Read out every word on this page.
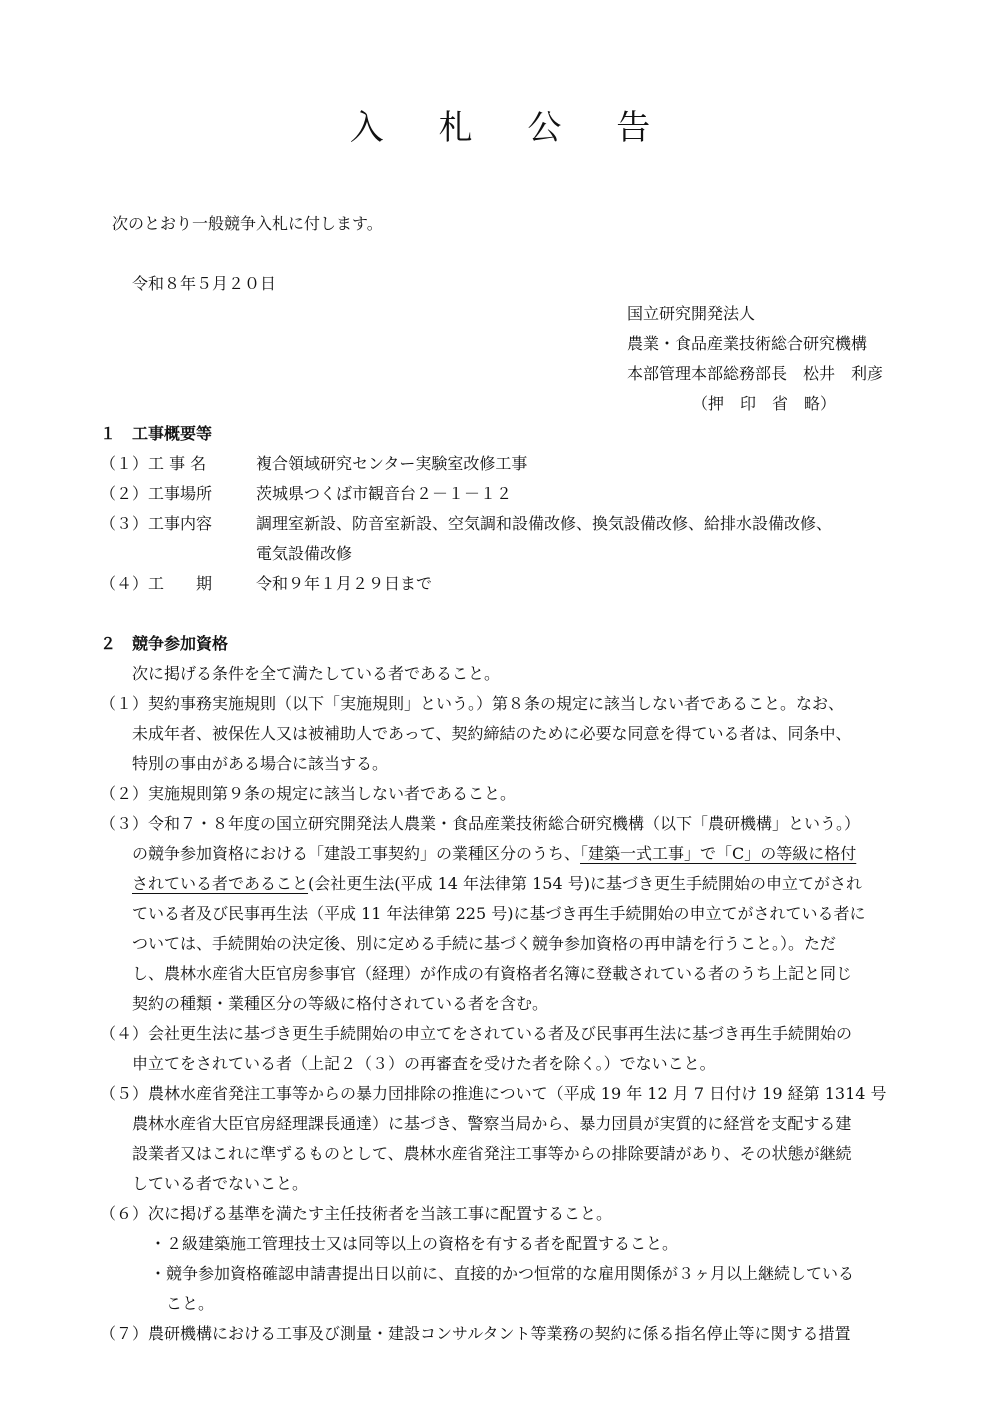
入 札 公 告
次のとおり一般競争入札に付します。
令和８年５月２０日
国立研究開発法人
農業・食品産業技術総合研究機構
本部管理本部総務部長　松井　利彦
（押　印　省　略）
１　工事概要等
（１）工 事 名	複合領域研究センター実験室改修工事
（２）工事場所	茨城県つくば市観音台２－１－１２
（３）工事内容	調理室新設、防音室新設、空気調和設備改修、換気設備改修、給排水設備改修、
電気設備改修
（４）工　　期	令和９年１月２９日まで
２　競争参加資格
次に掲げる条件を全て満たしている者であること。
（１）契約事務実施規則（以下「実施規則」という。）第８条の規定に該当しない者であること。なお、
未成年者、被保佐人又は被補助人であって、契約締結のために必要な同意を得ている者は、同条中、
特別の事由がある場合に該当する。
（２）実施規則第９条の規定に該当しない者であること。
（３）令和７・８年度の国立研究開発法人農業・食品産業技術総合研究機構（以下「農研機構」という。）
の競争参加資格における「建設工事契約」の業種区分のうち、「建築一式工事」で「C」の等級に格付
されている者であること(会社更生法(平成 14 年法律第 154 号)に基づき更生手続開始の申立てがされ
ている者及び民事再生法（平成 11 年法律第 225 号)に基づき再生手続開始の申立てがされている者に
ついては、手続開始の決定後、別に定める手続に基づく競争参加資格の再申請を行うこと。）。ただ
し、農林水産省大臣官房参事官（経理）が作成の有資格者名簿に登載されている者のうち上記と同じ
契約の種類・業種区分の等級に格付されている者を含む。
（４）会社更生法に基づき更生手続開始の申立てをされている者及び民事再生法に基づき再生手続開始の
申立てをされている者（上記２（３）の再審査を受けた者を除く。）でないこと。
（５）農林水産省発注工事等からの暴力団排除の推進について（平成 19 年 12 月 7 日付け 19 経第 1314 号
農林水産省大臣官房経理課長通達）に基づき、警察当局から、暴力団員が実質的に経営を支配する建
設業者又はこれに準ずるものとして、農林水産省発注工事等からの排除要請があり、その状態が継続
している者でないこと。
（６）次に掲げる基準を満たす主任技術者を当該工事に配置すること。
・２級建築施工管理技士又は同等以上の資格を有する者を配置すること。
・競争参加資格確認申請書提出日以前に、直接的かつ恒常的な雇用関係が３ヶ月以上継続している
こと。
（７）農研機構における工事及び測量・建設コンサルタント等業務の契約に係る指名停止等に関する措置
